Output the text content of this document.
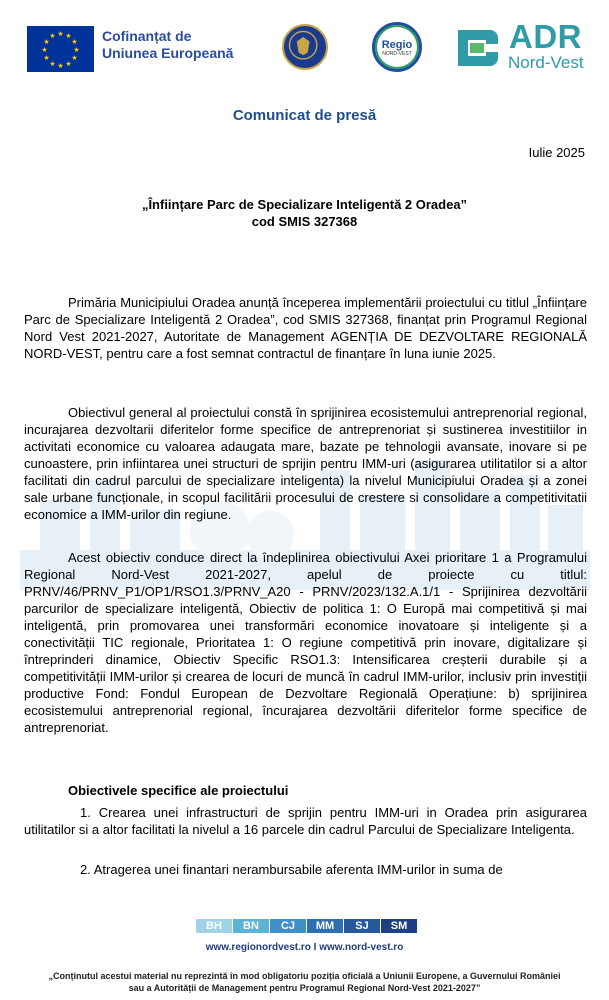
★ ★
★
★
★
★
★
★
★
★
★
★	Cofinanțat de
Uniunea Europeană	Regio
NORD-VEST	ADR
Nord-Vest
Comunicat de presă
Iulie 2025
„Înființare Parc de Specializare Inteligentă 2 Oradea”
cod SMIS 327368
Primăria Municipiului Oradea anunță începerea implementării proiectului cu titlul „Înființare Parc de Specializare Inteligentă 2 Oradea”, cod SMIS 327368, finanțat prin Programul Regional Nord Vest 2021-2027, Autoritate de Management AGENȚIA DE DEZVOLTARE REGIONALĂ NORD-VEST, pentru care a fost semnat contractul de finanțare în luna iunie 2025.
Obiectivul general al proiectului constă în sprijinirea ecosistemului antreprenorial regional, incurajarea dezvoltarii diferitelor forme specifice de antreprenoriat și sustinerea investitiilor in activitati economice cu valoarea adaugata mare, bazate pe tehnologii avansate, inovare si pe cunoastere, prin infiintarea unei structuri de sprijin pentru IMM-uri (asigurarea utilitatilor si a altor facilitati din cadrul parcului de specializare inteligenta) la nivelul Municipiului Oradea și a zonei sale urbane funcționale, in scopul facilitării procesului de crestere si consolidare a competitivitatii economice a IMM-urilor din regiune.
Acest obiectiv conduce direct la îndeplinirea obiectivului Axei prioritare 1 a Programului Regional Nord-Vest 2021-2027, apelul de proiecte cu titlul: PRNV/46/PRNV_P1/OP1/RSO1.3/PRNV_A20 - PRNV/2023/132.A.1/1 - Sprijinirea dezvoltării parcurilor de specializare inteligentă, Obiectiv de politica 1: O Europă mai competitivă și mai inteligentă, prin promovarea unei transformări economice inovatoare și inteligente și a conectivității TIC regionale, Prioritatea 1: O regiune competitivă prin inovare, digitalizare și întreprinderi dinamice, Obiectiv Specific RSO1.3: Intensificarea creșterii durabile și a competitivității IMM-urilor și crearea de locuri de muncă în cadrul IMM-urilor, inclusiv prin investiții productive Fond: Fondul European de Dezvoltare Regională Operațiune: b) sprijinirea ecosistemului antreprenorial regional, încurajarea dezvoltării diferitelor forme specifice de antreprenoriat.
Obiectivele specifice ale proiectului
1. Crearea unei infrastructuri de sprijin pentru IMM-uri in Oradea prin asigurarea utilitatilor si a altor facilitati la nivelul a 16 parcele din cadrul Parcului de Specializare Inteligenta.
2. Atragerea unei finantari nerambursabile aferenta IMM-urilor in suma de
BH	BN	CJ	MM	SJ	SM
www.regionordvest.ro I www.nord-vest.ro
„Conținutul acestui material nu reprezintă în mod obligatoriu poziția oficială a Uniunii Europene, a Guvernului României sau a Autorității de Management pentru Programul Regional Nord-Vest 2021-2027”
